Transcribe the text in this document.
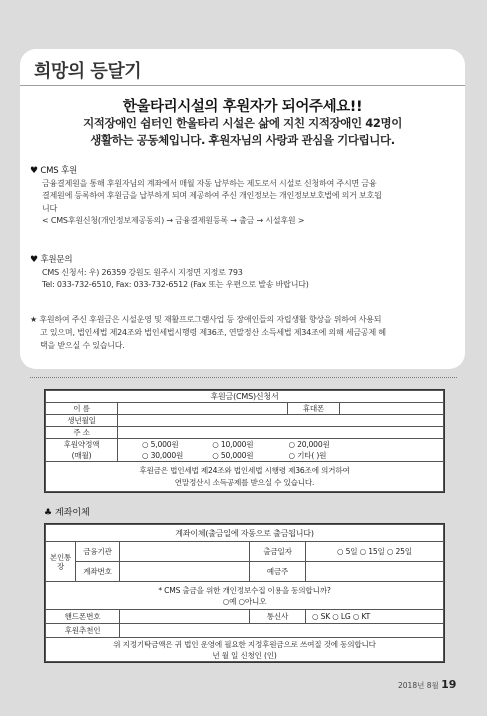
희망의 등달기
한울타리시설의 후원자가 되어주세요!!
지적장애인 쉼터인 한울타리 시설은 삶에 지친 지적장애인 42명이
생활하는 공동체입니다. 후원자님의 사랑과 관심을 기다립니다.
♥ CMS 후원

금융결제원을 통해 후원자님의 계좌에서 매월 자동 납부하는 제도로서 시설로 신청하여 주시면 금융

결제원에 등록하여 후원금을 납부하게 되며 제공하여 주신 개인정보는 개인정보보호법에 의거 보호됩

니다

< CMS후원신청(개인정보제공동의) → 금융결제원등록 → 출금 → 시설후원 >

♥ 후원문의

CMS 신청서: 우) 26359 강원도 원주시 지정면 지정로 793

Tel: 033-732-6510, Fax: 033-732-6512 (Fax 또는 우편으로 발송 바랍니다)

★ 후원하여 주신 후원금은 시설운영 및 재활프로그램사업 등 장애인들의 자립생활 향상을 위하여 사용되

고 있으며, 법인세법 제24조와 법인세법시행령 제36조, 연말정산 소득세법 제34조에 의해 세금공제 혜

택을 받으실 수 있습니다.

후원금(CMS)신청서			
이 름		휴대폰	
생년월일			
주 소			

후원약정액
(매월)	○ 5,000원 ○ 10,000원 ○ 20,000원		
	○ 30,000원 ○ 50,000원 ○ 기타( )원		

후원금은 법인세법 제24조와 법인세법 시행령 제36조에 의거하여
연말정산시 소득공제를 받으실 수 있습니다.			
♣ 계좌이체
계좌이체(출금일에 자동으로 출금됩니다)				
본인통장	금융기관		출금일자	○ 5일 ○ 15일 ○ 25일
	계좌번호		예금주	

* CMS 출금을 위한 개인정보수집 이용을 동의합니까?
○예 ○아니오				

핸드폰번호			통신사	○ SK ○ LG ○ KT
후원추천인				

위 지정기탁금액은 귀 법인 운영에 필요한 지정후원금으로 쓰여질 것에 동의합니다
년 월 일 신청인 (인)				
2018년 8월 19
